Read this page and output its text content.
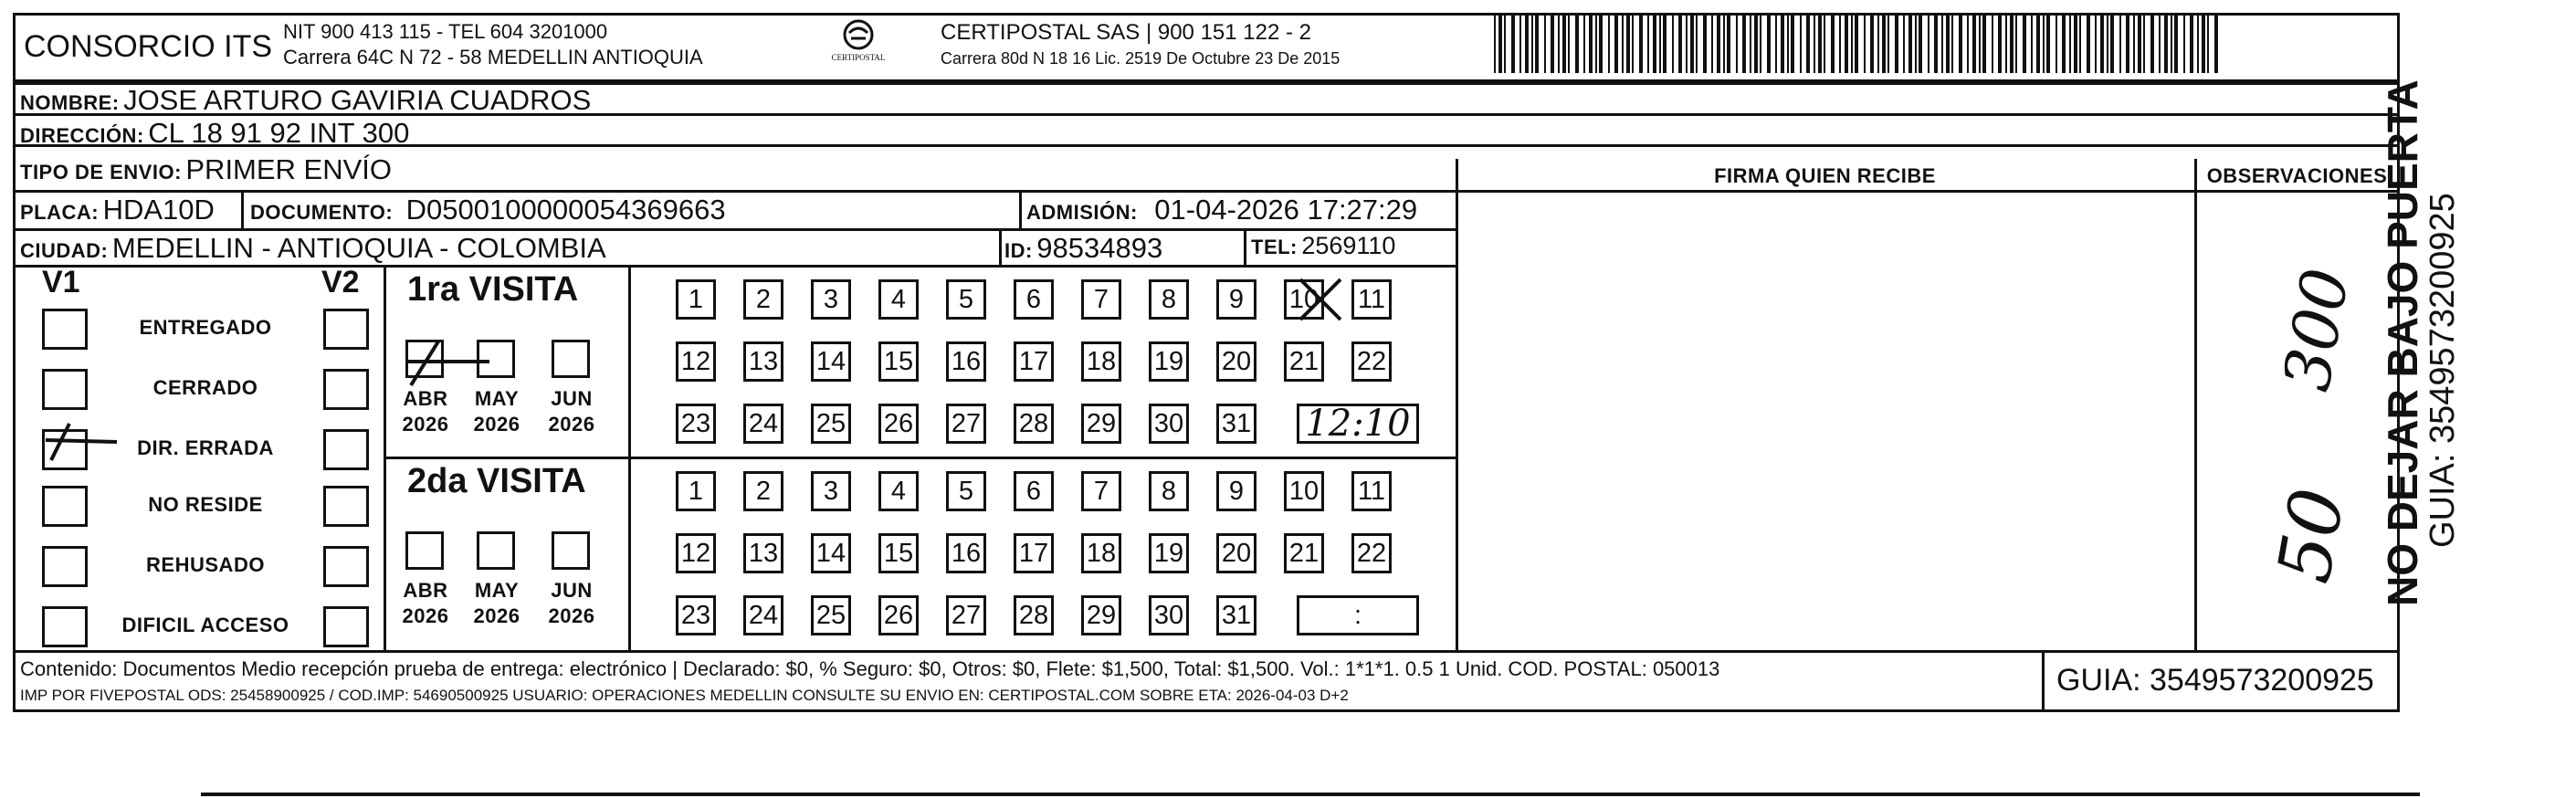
CONSORCIO ITS NIT 900 413 115 - TEL 604 3201000
Carrera 64C N 72 - 58 MEDELLIN ANTIOQUIA	CERTIPOSTAL
CERTIPOSTAL SAS | 900 151 122 - 2
Carrera 80d N 18 16 Lic. 2519 De Octubre 23 De 2015
NOMBRE: JOSE ARTURO GAVIRIA CUADROS
DIRECCIÓN: CL 18 91 92 INT 300
TIPO DE ENVIO: PRIMER ENVÍO	FIRMA QUIEN RECIBE	OBSERVACIONES
PLACA: HDA10D DOCUMENTO: D0500100000054369663	ADMISIÓN: 01-04-2026 17:27:29
CIUDAD: MEDELLIN - ANTIOQUIA - COLOMBIA	ID: 98534893	TEL: 2569110
V1	V2
ENTREGADO
CERRADO
DIR. ERRADA
NO RESIDE
REHUSADO
DIFICIL ACCESO
1ra VISITA
ABR
2026
MAY
2026
JUN
2026
1	2	3	4	5	6	7	8	9	10 11
12 13 14 15 16 17 18 19 20 21 22
23 24 25 26 27 28 29 30 31 12:10
2da VISITA
ABR
2026
MAY
2026
JUN
2026
1	2	3	4	5	6	7	8	9	10 11
12 13 14 15 16 17 18 19 20 21 22
23 24 25 26 27 28 29 30 31	:
300
50
Contenido: Documentos Medio recepción prueba de entrega: electrónico | Declarado: $0, % Seguro: $0, Otros: $0, Flete: $1,500, Total: $1,500. Vol.: 1*1*1. 0.5 1 Unid. COD. POSTAL: 050013
IMP POR FIVEPOSTAL ODS: 25458900925 / COD.IMP: 54690500925 USUARIO: OPERACIONES MEDELLIN CONSULTE SU ENVIO EN: CERTIPOSTAL.COM SOBRE ETA: 2026-04-03 D+2	GUIA: 3549573200925
NO DEJAR BAJO PUERTA
GUIA: 3549573200925
